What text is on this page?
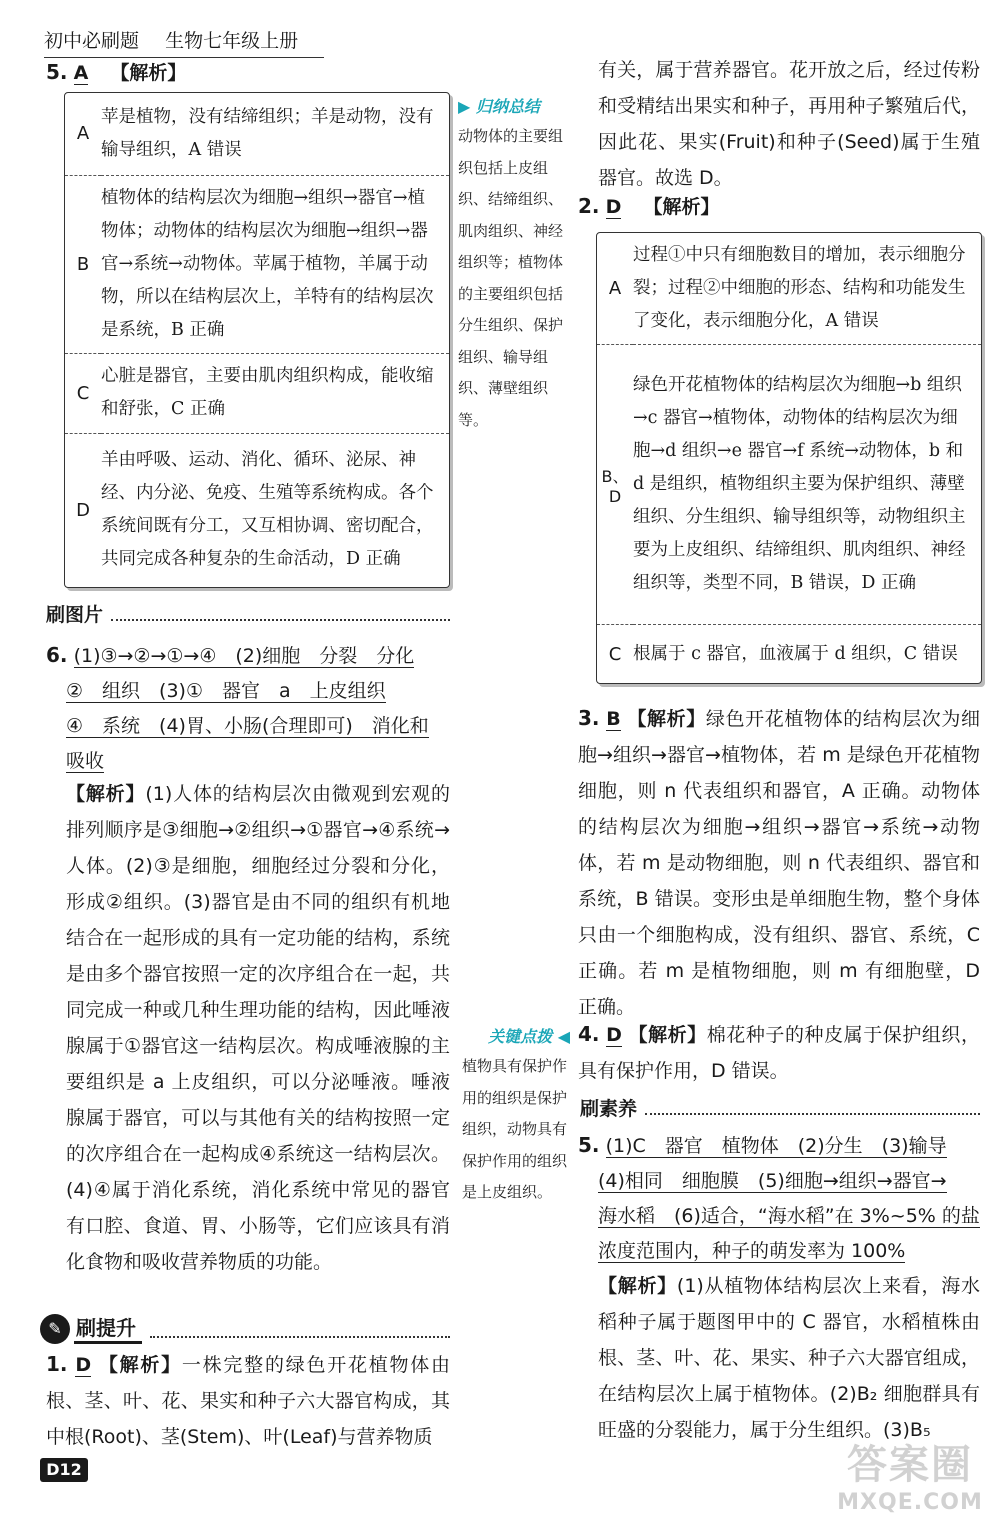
初中必刷题 生物七年级上册
5. A 【解析】
A	苹是植物，没有结缔组织；羊是动物，没有输导组织，A 错误
B	植物体的结构层次为细胞→组织→器官→植物体；动物体的结构层次为细胞→组织→器官→系统→动物体。苹属于植物，羊属于动物，所以在结构层次上，羊特有的结构层次是系统，B 正确
C	心脏是器官，主要由肌肉组织构成，能收缩和舒张，C 正确
D	羊由呼吸、运动、消化、循环、泌尿、神经、内分泌、免疫、生殖等系统构成。各个系统间既有分工，又互相协调、密切配合，共同完成各种复杂的生命活动，D 正确
▶ 归纳总结
动物体的主要组织包括上皮组织、结缔组织、肌肉组织、神经组织等；植物体的主要组织包括分生组织、保护组织、输导组织、薄壁组织等。
刷图片
6. (1)③→②→①→④　(2)细胞　分裂　分化
②　组织　(3)①　器官　a　上皮组织
④　系统　(4)胃、小肠(合理即可)　消化和
吸收
【解析】(1)人体的结构层次由微观到宏观的排列顺序是③细胞→②组织→①器官→④系统→人体。(2)③是细胞，细胞经过分裂和分化，形成②组织。(3)器官是由不同的组织有机地结合在一起形成的具有一定功能的结构，系统是由多个器官按照一定的次序组合在一起，共同完成一种或几种生理功能的结构，因此唾液腺属于①器官这一结构层次。构成唾液腺的主要组织是 a 上皮组织，可以分泌唾液。唾液腺属于器官，可以与其他有关的结构按照一定的次序组合在一起构成④系统这一结构层次。(4)④属于消化系统，消化系统中常见的器官有口腔、食道、胃、小肠等，它们应该具有消化食物和吸收营养物质的功能。
关键点拨 ◀
植物具有保护作用的组织是保护组织，动物具有保护作用的组织是上皮组织。
✎ 刷提升
1. D 【解析】一株完整的绿色开花植物体由根、茎、叶、花、果实和种子六大器官构成，其中根(Root)、茎(Stem)、叶(Leaf)与营养物质
D12
有关，属于营养器官。花开放之后，经过传粉和受精结出果实和种子，再用种子繁殖后代，因此花、果实(Fruit)和种子(Seed)属于生殖器官。故选 D。
2. D 【解析】
A	过程①中只有细胞数目的增加，表示细胞分裂；过程②中细胞的形态、结构和功能发生了变化，表示细胞分化，A 错误
B、D	绿色开花植物体的结构层次为细胞→b 组织→c 器官→植物体，动物体的结构层次为细胞→d 组织→e 器官→f 系统→动物体，b 和 d 是组织，植物组织主要为保护组织、薄壁组织、分生组织、输导组织等，动物组织主要为上皮组织、结缔组织、肌肉组织、神经组织等，类型不同，B 错误，D 正确
C	根属于 c 器官，血液属于 d 组织，C 错误
3. B 【解析】绿色开花植物体的结构层次为细胞→组织→器官→植物体，若 m 是绿色开花植物细胞，则 n 代表组织和器官，A 正确。动物体的结构层次为细胞→组织→器官→系统→动物体，若 m 是动物细胞，则 n 代表组织、器官和系统，B 错误。变形虫是单细胞生物，整个身体只由一个细胞构成，没有组织、器官、系统，C 正确。若 m 是植物细胞，则 m 有细胞壁，D 正确。
4. D 【解析】棉花种子的种皮属于保护组织，具有保护作用，D 错误。
刷素养
5. (1)C　器官　植物体　(2)分生　(3)输导
(4)相同　细胞膜　(5)细胞→组织→器官→
海水稻　(6)适合，“海水稻”在 3%~5% 的盐
浓度范围内，种子的萌发率为 100%
【解析】(1)从植物体结构层次上来看，海水稻种子属于题图甲中的 C 器官，水稻植株由根、茎、叶、花、果实、种子六大器官组成，在结构层次上属于植物体。(2)B₂ 细胞群具有旺盛的分裂能力，属于分生组织。(3)B₅
答案圈
MXQE.COM
